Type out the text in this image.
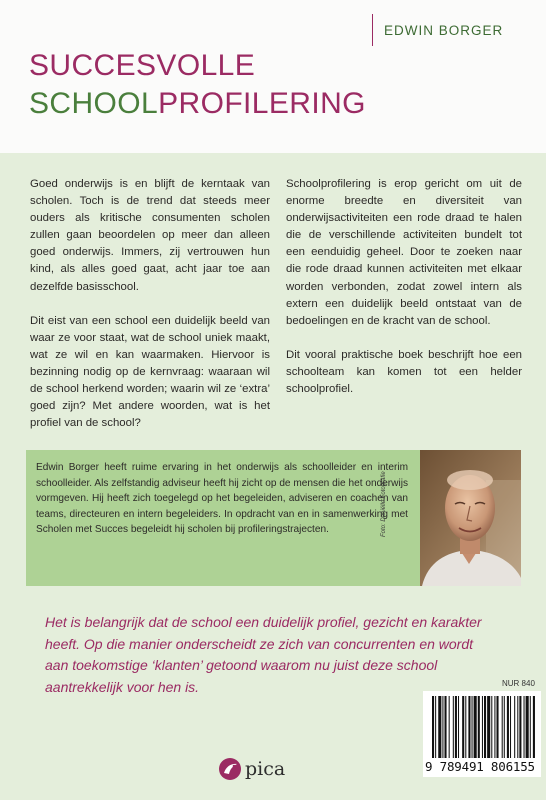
EDWIN BORGER
SUCCESVOLLE
SCHOOLPROFILERING

Goed onderwijs is en blijft de kerntaak van scholen. Toch is de trend dat steeds meer ouders als kritische consumenten scholen zullen gaan beoordelen op meer dan alleen goed onderwijs. Immers, zij vertrouwen hun kind, als alles goed gaat, acht jaar toe aan dezelfde basisschool.

Dit eist van een school een duidelijk beeld van waar ze voor staat, wat de school uniek maakt, wat ze wil en kan waarmaken. Hiervoor is bezinning nodig op de kernvraag: waaraan wil de school herkend worden; waarin wil ze ‘extra’ goed zijn? Met andere woorden, wat is het profiel van de school?

Schoolprofilering is erop gericht om uit de enorme breedte en diversiteit van onderwijsactiviteiten een rode draad te halen die de verschillende activiteiten bundelt tot een eenduidig geheel. Door te zoeken naar die rode draad kunnen activiteiten met elkaar worden verbonden, zodat zowel intern als extern een duidelijk beeld ontstaat van de bedoelingen en de kracht van de school.

Dit vooral praktische boek beschrijft hoe een schoolteam kan komen tot een helder schoolprofiel.

Edwin Borger heeft ruime ervaring in het onderwijs als schoolleider en interim schoolleider. Als zelfstandig adviseur heeft hij zicht op de mensen die het onderwijs vormgeven. Hij heeft zich toegelegd op het begeleiden, adviseren en coachen van teams, directeuren en intern begeleiders. In opdracht van en in samenwerking met Scholen met Succes begeleidt hij scholen bij profileringstrajecten.	Foto: Daniëlle Fotografie
Het is belangrijk dat de school een duidelijk profiel, gezicht en karakter heeft. Op die manier onderscheidt ze zich van concurrenten en wordt aan toekomstige ‘klanten’ getoond waarom nu juist deze school aantrekkelijk voor hen is.	NUR 840
9 789491 806155
pica
